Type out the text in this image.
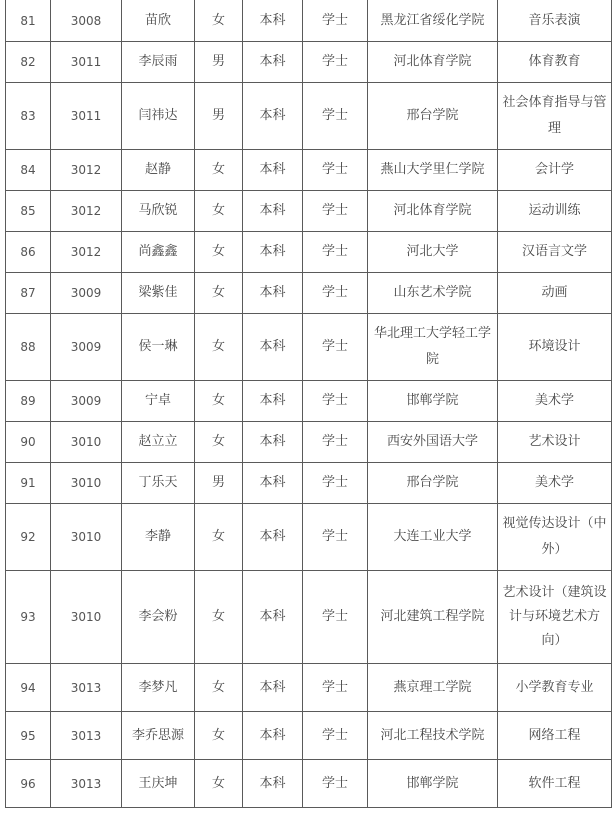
81	3008	苗欣	女	本科	学士	黑龙江省绥化学院	音乐表演
82	3011	李辰雨	男	本科	学士	河北体育学院	体育教育
83	3011	闫祎达	男	本科	学士	邢台学院	社会体育指导与管理
84	3012	赵静	女	本科	学士	燕山大学里仁学院	会计学
85	3012	马欣锐	女	本科	学士	河北体育学院	运动训练
86	3012	尚鑫鑫	女	本科	学士	河北大学	汉语言文学
87	3009	梁紫佳	女	本科	学士	山东艺术学院	动画
88	3009	侯一琳	女	本科	学士	华北理工大学轻工学院	环境设计
89	3009	宁卓	女	本科	学士	邯郸学院	美术学
90	3010	赵立立	女	本科	学士	西安外国语大学	艺术设计
91	3010	丁乐天	男	本科	学士	邢台学院	美术学
92	3010	李静	女	本科	学士	大连工业大学	视觉传达设计（中外）
93	3010	李会粉	女	本科	学士	河北建筑工程学院	艺术设计（建筑设计与环境艺术方向）
94	3013	李梦凡	女	本科	学士	燕京理工学院	小学教育专业
95	3013	李乔思源	女	本科	学士	河北工程技术学院	网络工程
96	3013	王庆坤	女	本科	学士	邯郸学院	软件工程
